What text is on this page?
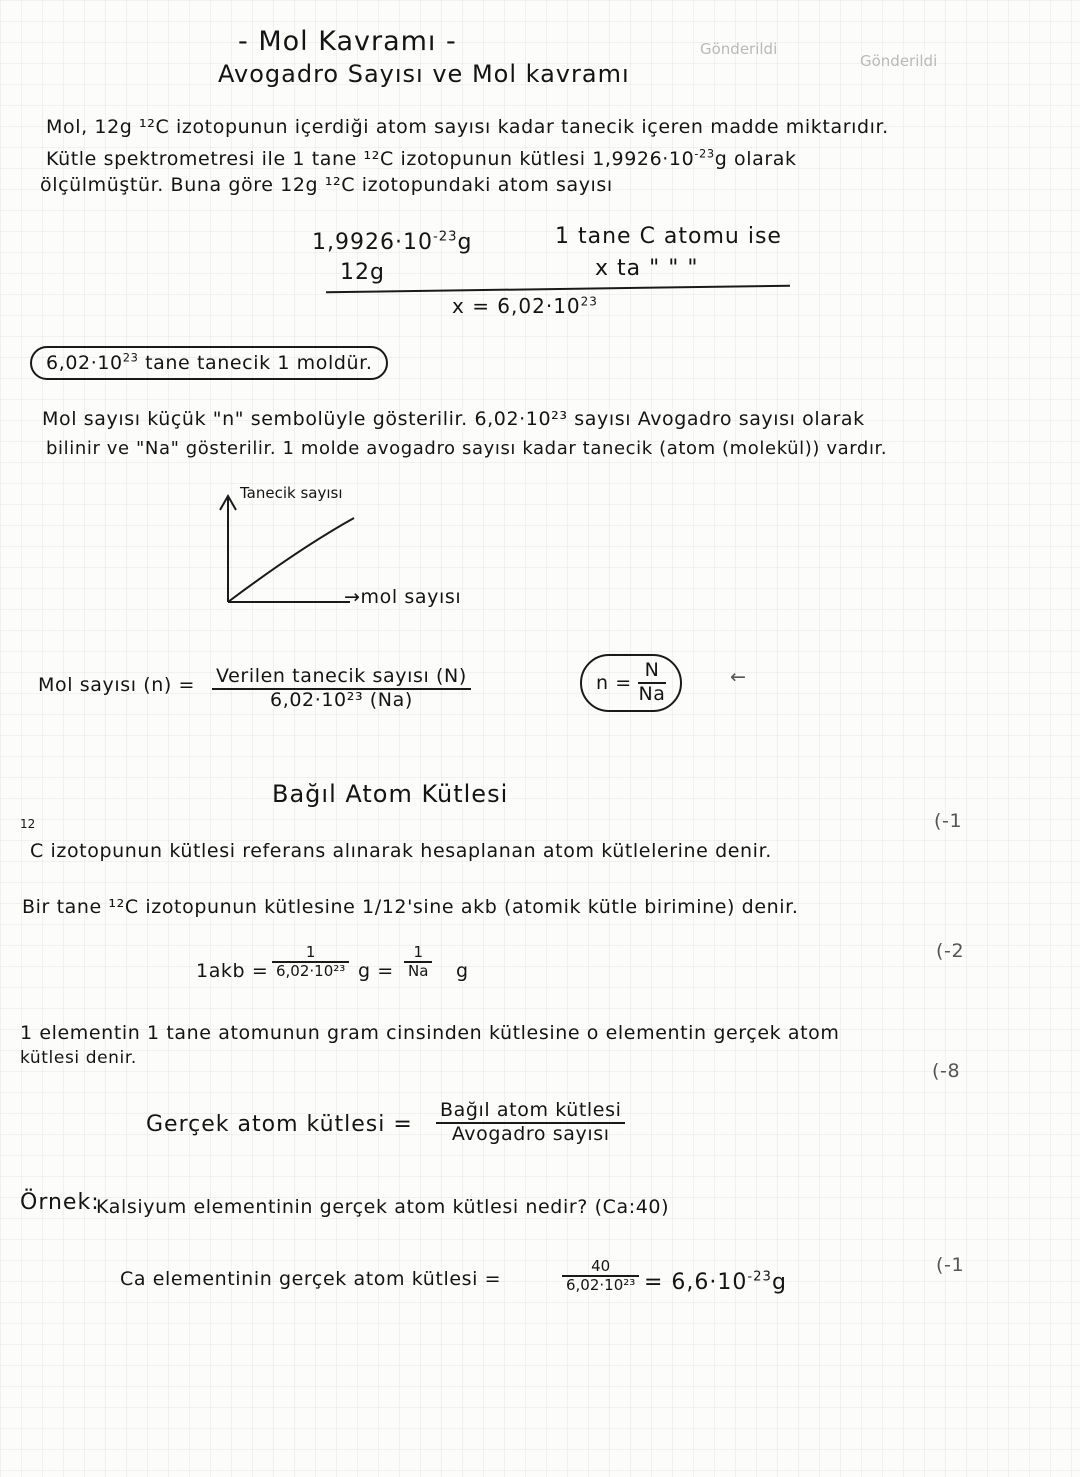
Gönderildi
Gönderildi
- Mol Kavramı -
Avogadro Sayısı ve Mol kavramı
Mol, 12g ¹²C izotopunun içerdiği atom sayısı kadar tanecik içeren madde miktarıdır.
Kütle spektrometresi ile 1 tane ¹²C izotopunun kütlesi $1,9926\cdot 10^{-23}g$ olarak
ölçülmüştür. Buna göre 12g ¹²C izotopundaki atom sayısı
$1,9926\cdot 10^{-23}g$	1 tane C atomu ise
12g	x ta " " "
$x = 6,02\cdot 10^{23}$
$6,02\cdot 10^{23}$ tane tanecik 1 moldür.
Mol sayısı küçük "n" sembolüyle gösterilir. 6,02·10²³ sayısı Avogadro sayısı olarak
bilinir ve "Na" gösterilir. 1 molde avogadro sayısı kadar tanecik (atom (molekül)) vardır.
Tanecik sayısı
→mol sayısı
Mol sayısı (n) = Verilen tanecik sayısı (N)
6,02·10²³ (Na)
$n = \frac{N}{Na}$	←
Bağıl Atom Kütlesi
12
C izotopunun kütlesi referans alınarak hesaplanan atom kütlelerine denir.
Bir tane ¹²C izotopunun kütlesine 1/12'sine akb (atomik kütle birimine) denir.
$1akb = \frac{1}{\text{6,02·10²³}}$ $g = \frac{1}{Na}$ g
1 elementin 1 tane atomunun gram cinsinden kütlesine o elementin gerçek atom
kütlesi denir.
Gerçek atom kütlesi =
Bağıl atom kütlesi
Avogadro sayısı
Örnek:
Kalsiyum elementinin gerçek atom kütlesi nedir? (Ca:40)
Ca elementinin gerçek atom kütlesi =	$\frac{40}{\text{6,02·10²³}} = 6,6\cdot 10^{-23}g$
(-1
(-2
(-8
(-1
